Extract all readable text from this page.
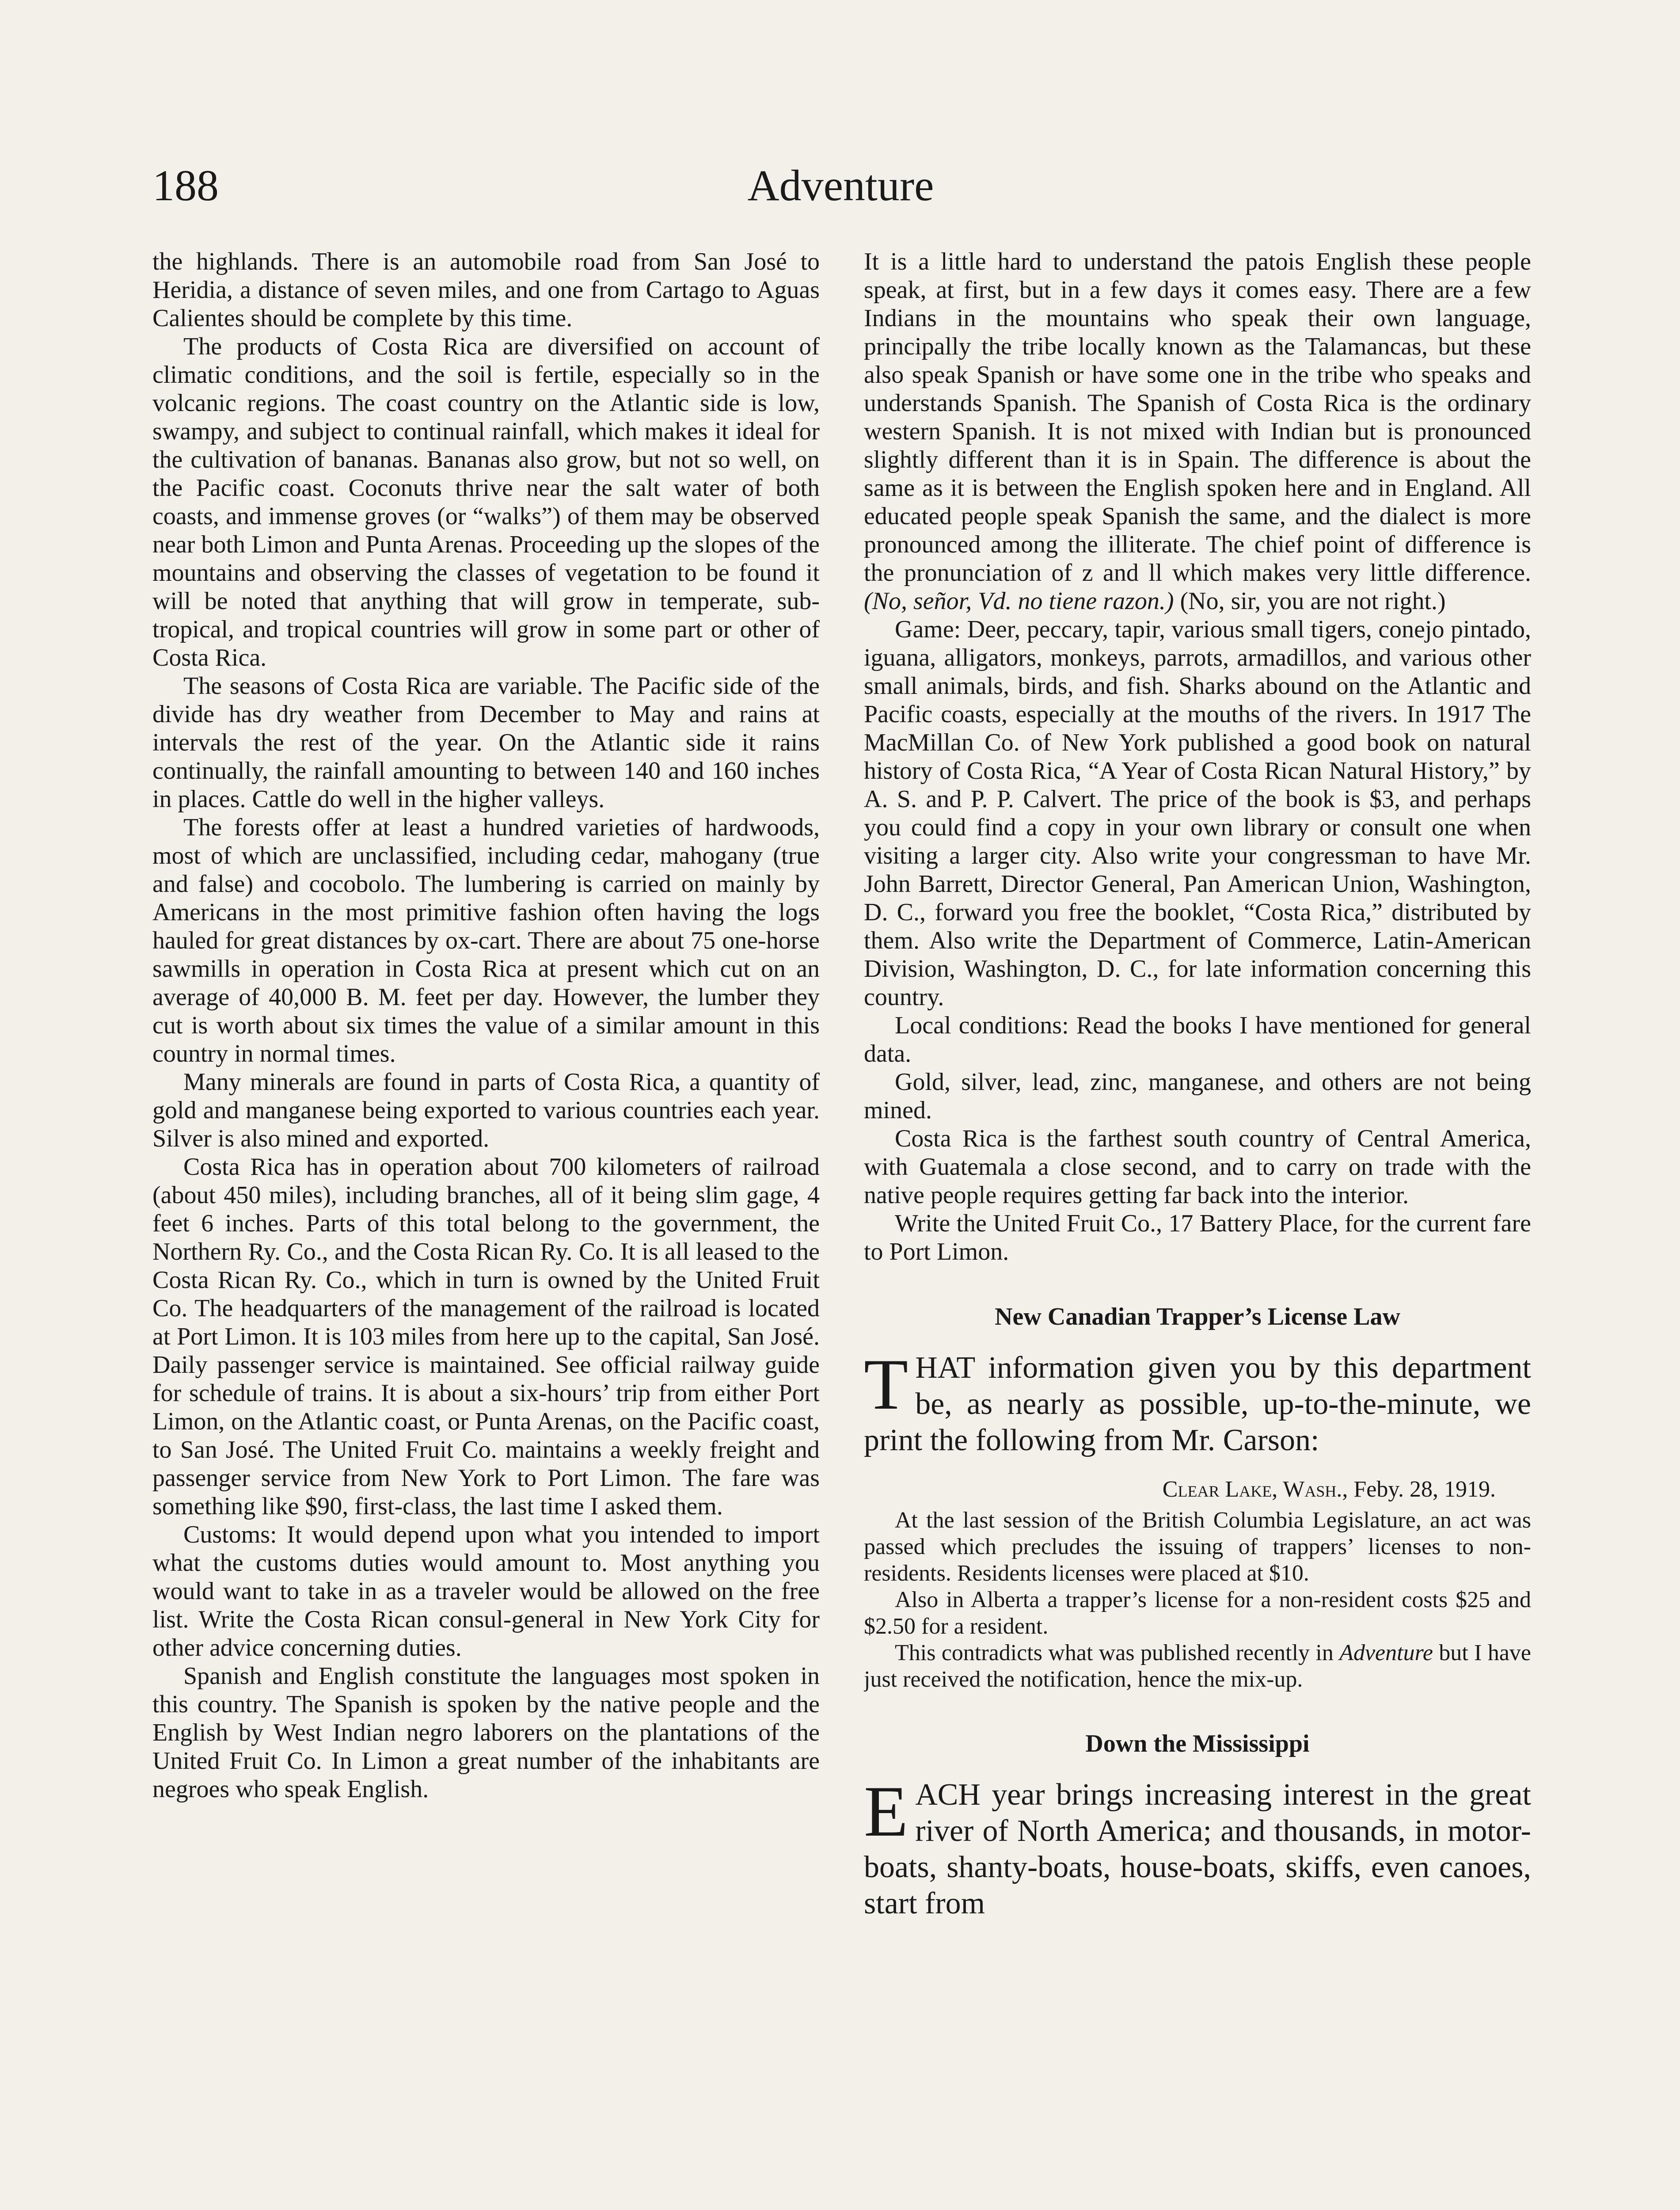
188	Adventure

the highlands. There is an automobile road from San José to Heridia, a distance of seven miles, and one from Cartago to Aguas Calientes should be complete by this time.

The products of Costa Rica are diversified on account of climatic conditions, and the soil is fertile, especially so in the volcanic regions. The coast country on the Atlantic side is low, swampy, and subject to continual rainfall, which makes it ideal for the cultivation of bananas. Bananas also grow, but not so well, on the Pacific coast. Coconuts thrive near the salt water of both coasts, and immense groves (or “walks”) of them may be observed near both Limon and Punta Arenas. Proceeding up the slopes of the mountains and observing the classes of vegetation to be found it will be noted that anything that will grow in temperate, sub-tropical, and tropical countries will grow in some part or other of Costa Rica.

The seasons of Costa Rica are variable. The Pacific side of the divide has dry weather from December to May and rains at intervals the rest of the year. On the Atlantic side it rains continually, the rainfall amounting to between 140 and 160 inches in places. Cattle do well in the higher valleys.

The forests offer at least a hundred varieties of hardwoods, most of which are unclassified, including cedar, mahogany (true and false) and cocobolo. The lumbering is carried on mainly by Americans in the most primitive fashion often having the logs hauled for great distances by ox-cart. There are about 75 one-horse sawmills in operation in Costa Rica at present which cut on an average of 40,000 B. M. feet per day. However, the lumber they cut is worth about six times the value of a similar amount in this country in normal times.

Many minerals are found in parts of Costa Rica, a quantity of gold and manganese being exported to various countries each year. Silver is also mined and exported.

Costa Rica has in operation about 700 kilometers of railroad (about 450 miles), including branches, all of it being slim gage, 4 feet 6 inches. Parts of this total belong to the government, the Northern Ry. Co., and the Costa Rican Ry. Co. It is all leased to the Costa Rican Ry. Co., which in turn is owned by the United Fruit Co. The headquarters of the management of the railroad is located at Port Limon. It is 103 miles from here up to the capital, San José. Daily passenger service is maintained. See official railway guide for schedule of trains. It is about a six-hours’ trip from either Port Limon, on the Atlantic coast, or Punta Arenas, on the Pacific coast, to San José. The United Fruit Co. maintains a weekly freight and passenger service from New York to Port Limon. The fare was something like $90, first-class, the last time I asked them.

Customs: It would depend upon what you intended to import what the customs duties would amount to. Most anything you would want to take in as a traveler would be allowed on the free list. Write the Costa Rican consul-general in New York City for other advice concerning duties.

Spanish and English constitute the languages most spoken in this country. The Spanish is spoken by the native people and the English by West Indian negro laborers on the plantations of the United Fruit Co. In Limon a great number of the inhabitants are negroes who speak English.

It is a little hard to understand the patois English these people speak, at first, but in a few days it comes easy. There are a few Indians in the mountains who speak their own language, principally the tribe locally known as the Talamancas, but these also speak Spanish or have some one in the tribe who speaks and understands Spanish. The Spanish of Costa Rica is the ordinary western Spanish. It is not mixed with Indian but is pronounced slightly different than it is in Spain. The difference is about the same as it is between the English spoken here and in England. All educated people speak Spanish the same, and the dialect is more pronounced among the illiterate. The chief point of difference is the pronunciation of z and ll which makes very little difference. (No, señor, Vd. no tiene razon.) (No, sir, you are not right.)

Game: Deer, peccary, tapir, various small tigers, conejo pintado, iguana, alligators, monkeys, parrots, armadillos, and various other small animals, birds, and fish. Sharks abound on the Atlantic and Pacific coasts, especially at the mouths of the rivers. In 1917 The MacMillan Co. of New York published a good book on natural history of Costa Rica, “A Year of Costa Rican Natural History,” by A. S. and P. P. Calvert. The price of the book is $3, and perhaps you could find a copy in your own library or consult one when visiting a larger city. Also write your congressman to have Mr. John Barrett, Director General, Pan American Union, Washington, D. C., forward you free the booklet, “Costa Rica,” distributed by them. Also write the Department of Commerce, Latin-American Division, Washington, D. C., for late information concerning this country.

Local conditions: Read the books I have mentioned for general data.

Gold, silver, lead, zinc, manganese, and others are not being mined.

Costa Rica is the farthest south country of Central America, with Guatemala a close second, and to carry on trade with the native people requires getting far back into the interior.

Write the United Fruit Co., 17 Battery Place, for the current fare to Port Limon.

New Canadian Trapper’s License Law

THAT information given you by this department be, as nearly as possible, up-to-the-minute, we print the following from Mr. Carson:

Clear Lake, Wash., Feby. 28, 1919.

At the last session of the British Columbia Legislature, an act was passed which precludes the issuing of trappers’ licenses to non-residents. Residents licenses were placed at $10.

Also in Alberta a trapper’s license for a non-resident costs $25 and $2.50 for a resident.

This contradicts what was published recently in Adventure but I have just received the notification, hence the mix-up.

Down the Mississippi

EACH year brings increasing interest in the great river of North America; and thousands, in motor-boats, shanty-boats, house-boats, skiffs, even canoes, start from
